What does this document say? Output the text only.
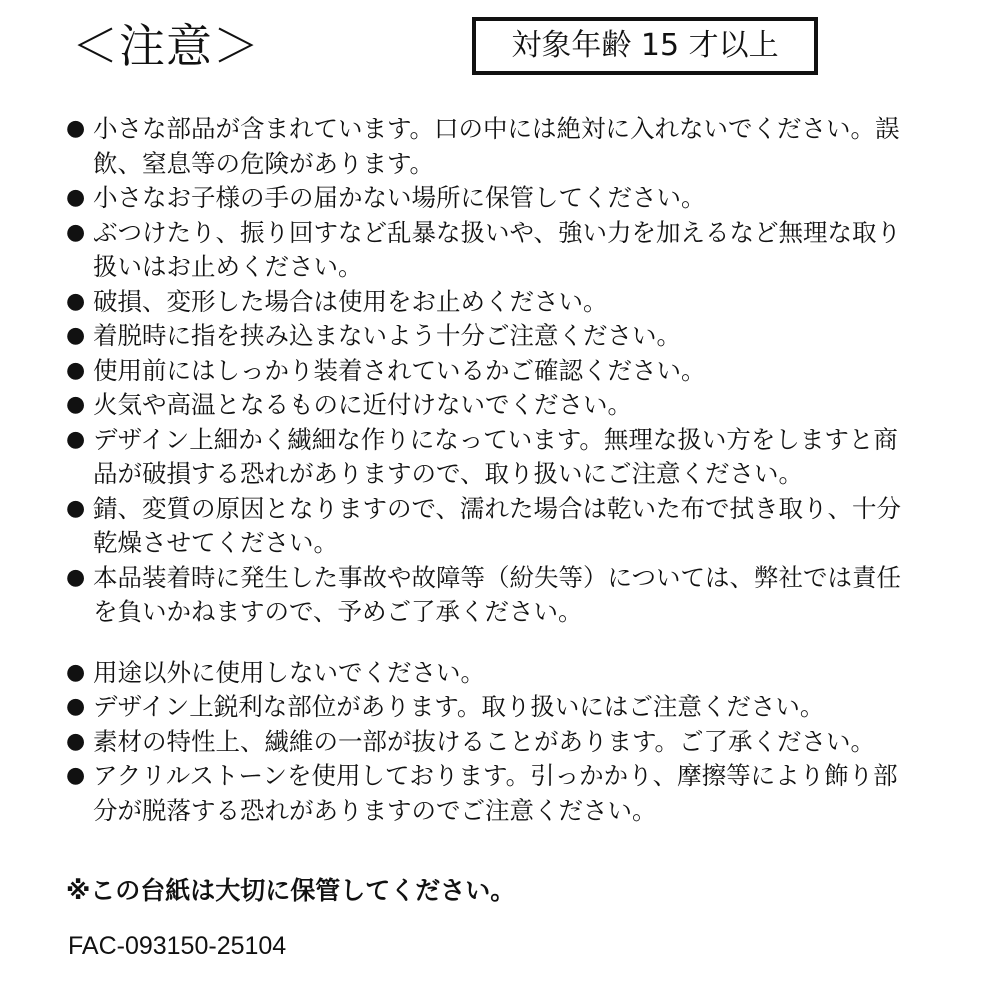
＜注意＞	対象年齢 15 才以上
● 小さな部品が含まれています。口の中には絶対に入れないでください。誤飲、窒息等の危険があります。
● 小さなお子様の手の届かない場所に保管してください。
● ぶつけたり、振り回すなど乱暴な扱いや、強い力を加えるなど無理な取り扱いはお止めください。
● 破損、変形した場合は使用をお止めください。
● 着脱時に指を挟み込まないよう十分ご注意ください。
● 使用前にはしっかり装着されているかご確認ください。
● 火気や高温となるものに近付けないでください。
● デザイン上細かく繊細な作りになっています。無理な扱い方をしますと商品が破損する恐れがありますので、取り扱いにご注意ください。
● 錆、変質の原因となりますので、濡れた場合は乾いた布で拭き取り、十分乾燥させてください。
● 本品装着時に発生した事故や故障等（紛失等）については、弊社では責任を負いかねますので、予めご了承ください。
● 用途以外に使用しないでください。
● デザイン上鋭利な部位があります。取り扱いにはご注意ください。
● 素材の特性上、繊維の一部が抜けることがあります。ご了承ください。
● アクリルストーンを使用しております。引っかかり、摩擦等により飾り部分が脱落する恐れがありますのでご注意ください。
※この台紙は大切に保管してください。
FAC-093150-25104
